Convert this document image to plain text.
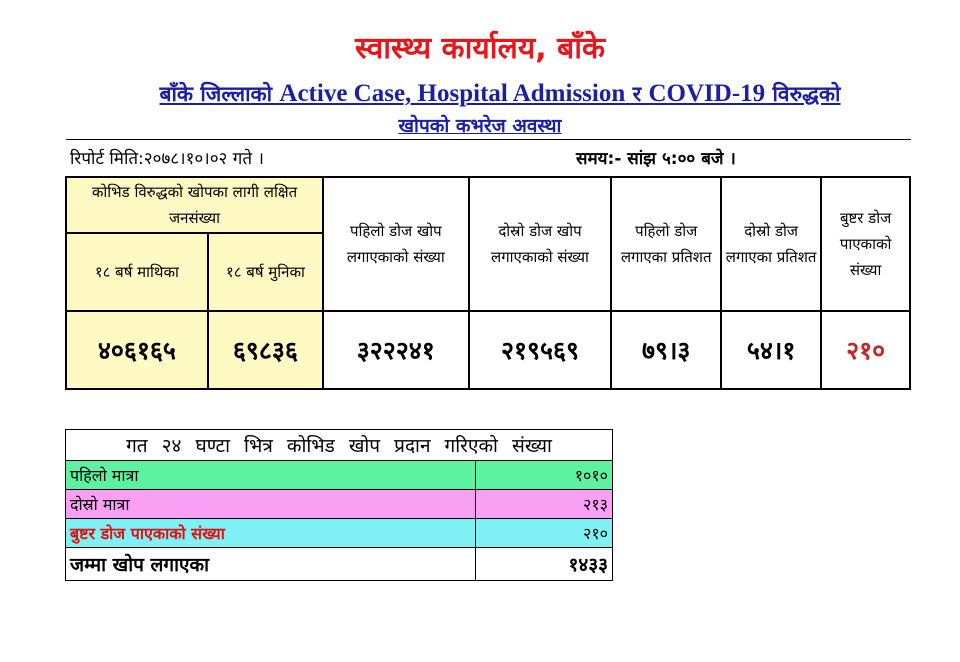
स्वास्थ्य कार्यालय, बाँके
बाँके जिल्लाको Active Case, Hospital Admission र COVID-19 विरुद्धको
खोपको कभरेज अवस्था
रिपोर्ट मिति:२०७८।१०।०२ गते ।	समय:- सांझ ५:०० बजे ।
कोभिड विरुद्धको खोपका लागी लक्षित जनसंख्या		पहिलो डोज खोप लगाएकाको संख्या	दोस्रो डोज खोप लगाएकाको संख्या	पहिलो डोज लगाएका प्रतिशत	दोस्रो डोज लगाएका प्रतिशत	बुष्टर डोज पाएकाको संख्या
१८ बर्ष माथिका	१८ बर्ष मुनिका					
४०६१६५	६९८३६	३२२२४१	२१९५६९	७९।३	५४।१	२१०
गत २४ घण्टा भित्र कोभिड खोप प्रदान गरिएको संख्या	
पहिलो मात्रा	१०१०
दोस्रो मात्रा	२१३
बुष्टर डोज पाएकाको संख्या	२१०
जम्मा खोप लगाएका	१४३३
